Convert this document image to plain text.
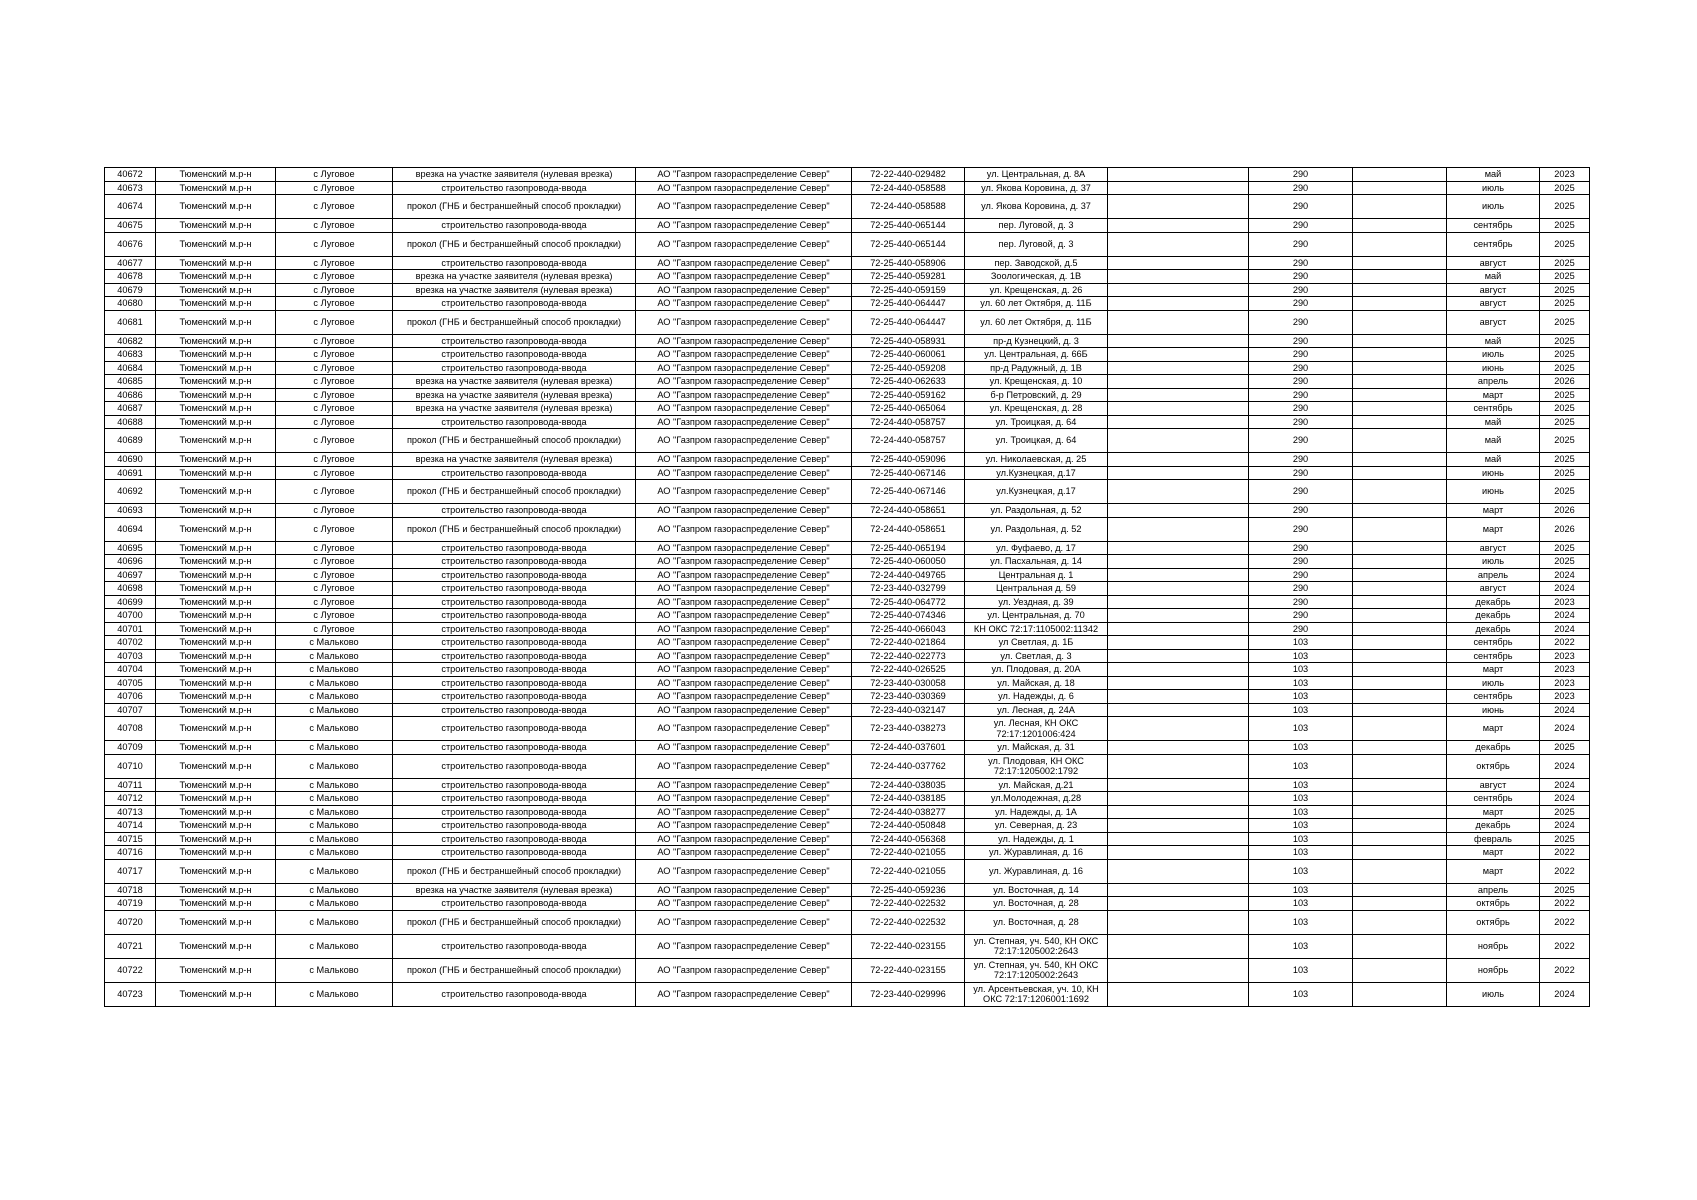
40672	Тюменский м.р-н	с Луговое	врезка на участке заявителя (нулевая врезка)	АО "Газпром газораспределение Север"	72-22-440-029482	ул. Центральная, д. 8А		290		май	2023
40673	Тюменский м.р-н	с Луговое	строительство газопровода-ввода	АО "Газпром газораспределение Север"	72-24-440-058588	ул. Якова Коровина, д. 37		290		июль	2025
40674	Тюменский м.р-н	с Луговое	прокол (ГНБ и бестраншейный способ прокладки)	АО "Газпром газораспределение Север"	72-24-440-058588	ул. Якова Коровина, д. 37		290		июль	2025
40675	Тюменский м.р-н	с Луговое	строительство газопровода-ввода	АО "Газпром газораспределение Север"	72-25-440-065144	пер. Луговой, д. 3		290		сентябрь	2025
40676	Тюменский м.р-н	с Луговое	прокол (ГНБ и бестраншейный способ прокладки)	АО "Газпром газораспределение Север"	72-25-440-065144	пер. Луговой, д. 3		290		сентябрь	2025
40677	Тюменский м.р-н	с Луговое	строительство газопровода-ввода	АО "Газпром газораспределение Север"	72-25-440-058906	пер. Заводской, д.5		290		август	2025
40678	Тюменский м.р-н	с Луговое	врезка на участке заявителя (нулевая врезка)	АО "Газпром газораспределение Север"	72-25-440-059281	Зоологическая, д. 1В		290		май	2025
40679	Тюменский м.р-н	с Луговое	врезка на участке заявителя (нулевая врезка)	АО "Газпром газораспределение Север"	72-25-440-059159	ул. Крещенская, д. 26		290		август	2025
40680	Тюменский м.р-н	с Луговое	строительство газопровода-ввода	АО "Газпром газораспределение Север"	72-25-440-064447	ул. 60 лет Октября, д. 11Б		290		август	2025
40681	Тюменский м.р-н	с Луговое	прокол (ГНБ и бестраншейный способ прокладки)	АО "Газпром газораспределение Север"	72-25-440-064447	ул. 60 лет Октября, д. 11Б		290		август	2025
40682	Тюменский м.р-н	с Луговое	строительство газопровода-ввода	АО "Газпром газораспределение Север"	72-25-440-058931	пр-д Кузнецкий, д. 3		290		май	2025
40683	Тюменский м.р-н	с Луговое	строительство газопровода-ввода	АО "Газпром газораспределение Север"	72-25-440-060061	ул. Центральная, д. 66Б		290		июль	2025
40684	Тюменский м.р-н	с Луговое	строительство газопровода-ввода	АО "Газпром газораспределение Север"	72-25-440-059208	пр-д Радужный, д. 1В		290		июнь	2025
40685	Тюменский м.р-н	с Луговое	врезка на участке заявителя (нулевая врезка)	АО "Газпром газораспределение Север"	72-25-440-062633	ул. Крещенская, д. 10		290		апрель	2026
40686	Тюменский м.р-н	с Луговое	врезка на участке заявителя (нулевая врезка)	АО "Газпром газораспределение Север"	72-25-440-059162	б-р Петровский, д. 29		290		март	2025
40687	Тюменский м.р-н	с Луговое	врезка на участке заявителя (нулевая врезка)	АО "Газпром газораспределение Север"	72-25-440-065064	ул. Крещенская, д. 28		290		сентябрь	2025
40688	Тюменский м.р-н	с Луговое	строительство газопровода-ввода	АО "Газпром газораспределение Север"	72-24-440-058757	ул. Троицкая, д. 64		290		май	2025
40689	Тюменский м.р-н	с Луговое	прокол (ГНБ и бестраншейный способ прокладки)	АО "Газпром газораспределение Север"	72-24-440-058757	ул. Троицкая, д. 64		290		май	2025
40690	Тюменский м.р-н	с Луговое	врезка на участке заявителя (нулевая врезка)	АО "Газпром газораспределение Север"	72-25-440-059096	ул. Николаевская, д. 25		290		май	2025
40691	Тюменский м.р-н	с Луговое	строительство газопровода-ввода	АО "Газпром газораспределение Север"	72-25-440-067146	ул.Кузнецкая, д.17		290		июнь	2025
40692	Тюменский м.р-н	с Луговое	прокол (ГНБ и бестраншейный способ прокладки)	АО "Газпром газораспределение Север"	72-25-440-067146	ул.Кузнецкая, д.17		290		июнь	2025
40693	Тюменский м.р-н	с Луговое	строительство газопровода-ввода	АО "Газпром газораспределение Север"	72-24-440-058651	ул. Раздольная, д. 52		290		март	2026
40694	Тюменский м.р-н	с Луговое	прокол (ГНБ и бестраншейный способ прокладки)	АО "Газпром газораспределение Север"	72-24-440-058651	ул. Раздольная, д. 52		290		март	2026
40695	Тюменский м.р-н	с Луговое	строительство газопровода-ввода	АО "Газпром газораспределение Север"	72-25-440-065194	ул. Фуфаево, д. 17		290		август	2025
40696	Тюменский м.р-н	с Луговое	строительство газопровода-ввода	АО "Газпром газораспределение Север"	72-25-440-060050	ул. Пасхальная, д. 14		290		июль	2025
40697	Тюменский м.р-н	с Луговое	строительство газопровода-ввода	АО "Газпром газораспределение Север"	72-24-440-049765	Центральная д. 1		290		апрель	2024
40698	Тюменский м.р-н	с Луговое	строительство газопровода-ввода	АО "Газпром газораспределение Север"	72-23-440-032799	Центральная д. 59		290		август	2024
40699	Тюменский м.р-н	с Луговое	строительство газопровода-ввода	АО "Газпром газораспределение Север"	72-25-440-064772	ул. Уездная, д. 39		290		декабрь	2023
40700	Тюменский м.р-н	с Луговое	строительство газопровода-ввода	АО "Газпром газораспределение Север"	72-25-440-074346	ул. Центральная, д. 70		290		декабрь	2024
40701	Тюменский м.р-н	с Луговое	строительство газопровода-ввода	АО "Газпром газораспределение Север"	72-25-440-066043	КН ОКС 72:17:1105002:11342		290		декабрь	2024
40702	Тюменский м.р-н	с Мальково	строительство газопровода-ввода	АО "Газпром газораспределение Север"	72-22-440-021864	ул Светлая, д. 1Б		103		сентябрь	2022
40703	Тюменский м.р-н	с Мальково	строительство газопровода-ввода	АО "Газпром газораспределение Север"	72-22-440-022773	ул. Светлая, д. 3		103		сентябрь	2023
40704	Тюменский м.р-н	с Мальково	строительство газопровода-ввода	АО "Газпром газораспределение Север"	72-22-440-026525	ул. Плодовая, д. 20А		103		март	2023
40705	Тюменский м.р-н	с Мальково	строительство газопровода-ввода	АО "Газпром газораспределение Север"	72-23-440-030058	ул. Майская, д. 18		103		июль	2023
40706	Тюменский м.р-н	с Мальково	строительство газопровода-ввода	АО "Газпром газораспределение Север"	72-23-440-030369	ул. Надежды, д. 6		103		сентябрь	2023
40707	Тюменский м.р-н	с Мальково	строительство газопровода-ввода	АО "Газпром газораспределение Север"	72-23-440-032147	ул. Лесная, д. 24А		103		июнь	2024
40708	Тюменский м.р-н	с Мальково	строительство газопровода-ввода	АО "Газпром газораспределение Север"	72-23-440-038273	ул. Лесная, КН ОКС 72:17:1201006:424		103		март	2024
40709	Тюменский м.р-н	с Мальково	строительство газопровода-ввода	АО "Газпром газораспределение Север"	72-24-440-037601	ул. Майская, д. 31		103		декабрь	2025
40710	Тюменский м.р-н	с Мальково	строительство газопровода-ввода	АО "Газпром газораспределение Север"	72-24-440-037762	ул. Плодовая, КН ОКС 72:17:1205002:1792		103		октябрь	2024
40711	Тюменский м.р-н	с Мальково	строительство газопровода-ввода	АО "Газпром газораспределение Север"	72-24-440-038035	ул. Майская, д.21		103		август	2024
40712	Тюменский м.р-н	с Мальково	строительство газопровода-ввода	АО "Газпром газораспределение Север"	72-24-440-038185	ул.Молодежная, д.28		103		сентябрь	2024
40713	Тюменский м.р-н	с Мальково	строительство газопровода-ввода	АО "Газпром газораспределение Север"	72-24-440-038277	ул. Надежды, д. 1А		103		март	2025
40714	Тюменский м.р-н	с Мальково	строительство газопровода-ввода	АО "Газпром газораспределение Север"	72-24-440-050848	ул. Северная, д. 23		103		декабрь	2024
40715	Тюменский м.р-н	с Мальково	строительство газопровода-ввода	АО "Газпром газораспределение Север"	72-24-440-056368	ул. Надежды, д. 1		103		февраль	2025
40716	Тюменский м.р-н	с Мальково	строительство газопровода-ввода	АО "Газпром газораспределение Север"	72-22-440-021055	ул. Журавлиная, д. 16		103		март	2022
40717	Тюменский м.р-н	с Мальково	прокол (ГНБ и бестраншейный способ прокладки)	АО "Газпром газораспределение Север"	72-22-440-021055	ул. Журавлиная, д. 16		103		март	2022
40718	Тюменский м.р-н	с Мальково	врезка на участке заявителя (нулевая врезка)	АО "Газпром газораспределение Север"	72-25-440-059236	ул. Восточная, д. 14		103		апрель	2025
40719	Тюменский м.р-н	с Мальково	строительство газопровода-ввода	АО "Газпром газораспределение Север"	72-22-440-022532	ул. Восточная, д. 28		103		октябрь	2022
40720	Тюменский м.р-н	с Мальково	прокол (ГНБ и бестраншейный способ прокладки)	АО "Газпром газораспределение Север"	72-22-440-022532	ул. Восточная, д. 28		103		октябрь	2022
40721	Тюменский м.р-н	с Мальково	строительство газопровода-ввода	АО "Газпром газораспределение Север"	72-22-440-023155	ул. Степная, уч. 540, КН ОКС 72:17:1205002:2643		103		ноябрь	2022
40722	Тюменский м.р-н	с Мальково	прокол (ГНБ и бестраншейный способ прокладки)	АО "Газпром газораспределение Север"	72-22-440-023155	ул. Степная, уч. 540, КН ОКС 72:17:1205002:2643		103		ноябрь	2022
40723	Тюменский м.р-н	с Мальково	строительство газопровода-ввода	АО "Газпром газораспределение Север"	72-23-440-029996	ул. Арсентьевская, уч. 10, КН ОКС 72:17:1206001:1692		103		июль	2024
